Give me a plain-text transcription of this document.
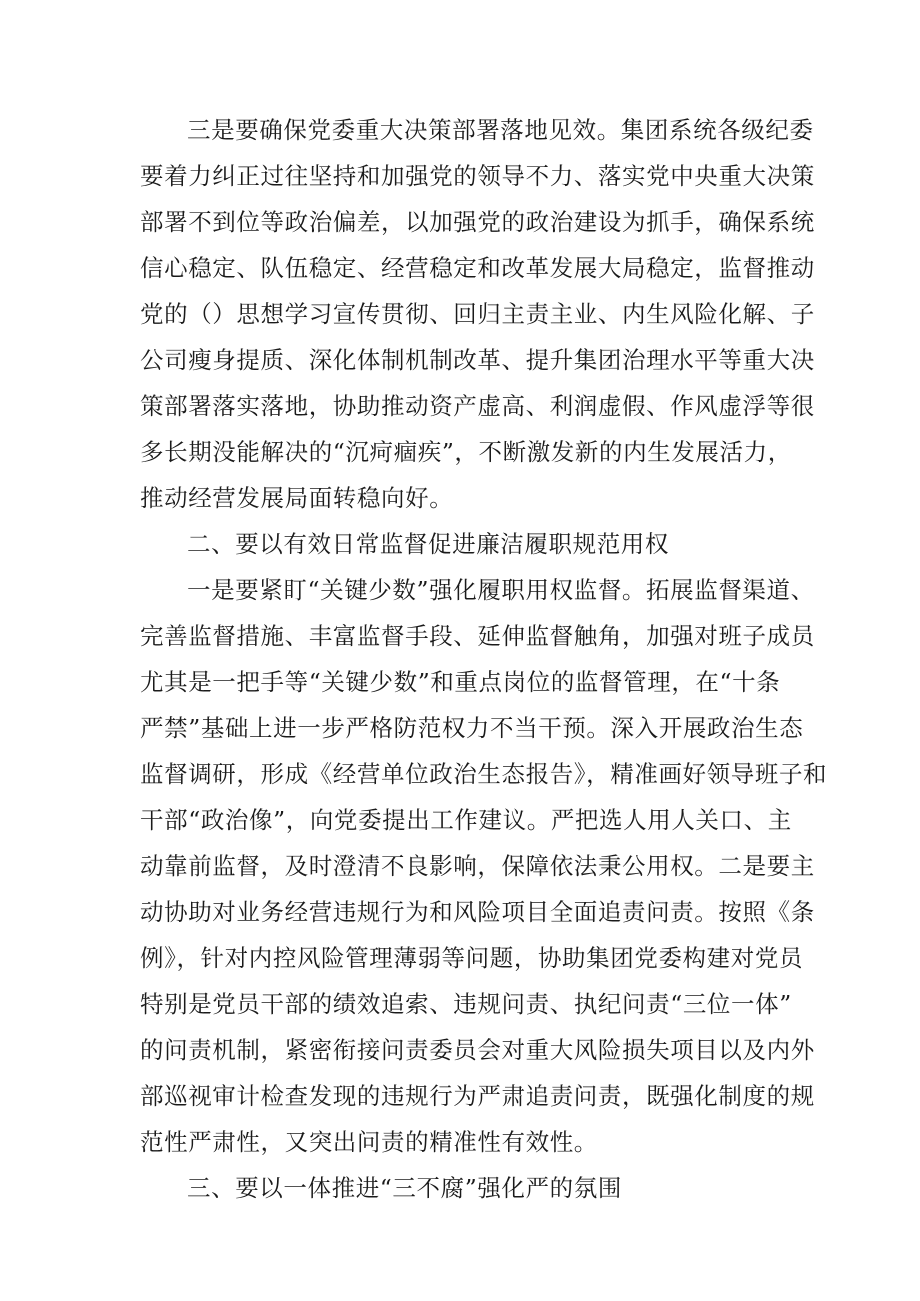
三是要确保党委重大决策部署落地见效。集团系统各级纪委
要着力纠正过往坚持和加强党的领导不力、落实党中央重大决策
部署不到位等政治偏差，以加强党的政治建设为抓手，确保系统
信心稳定、队伍稳定、经营稳定和改革发展大局稳定，监督推动
党的（）思想学习宣传贯彻、回归主责主业、内生风险化解、子
公司瘦身提质、深化体制机制改革、提升集团治理水平等重大决
策部署落实落地，协助推动资产虚高、利润虚假、作风虚浮等很
多长期没能解决的“沉疴痼疾”，不断激发新的内生发展活力，
推动经营发展局面转稳向好。
二、要以有效日常监督促进廉洁履职规范用权
一是要紧盯“关键少数”强化履职用权监督。拓展监督渠道、
完善监督措施、丰富监督手段、延伸监督触角，加强对班子成员
尤其是一把手等“关键少数”和重点岗位的监督管理，在“十条
严禁”基础上进一步严格防范权力不当干预。深入开展政治生态
监督调研，形成《经营单位政治生态报告》，精准画好领导班子和
干部“政治像”，向党委提出工作建议。严把选人用人关口、主
动靠前监督，及时澄清不良影响，保障依法秉公用权。二是要主
动协助对业务经营违规行为和风险项目全面追责问责。按照《条
例》，针对内控风险管理薄弱等问题，协助集团党委构建对党员
特别是党员干部的绩效追索、违规问责、执纪问责“三位一体”
的问责机制，紧密衔接问责委员会对重大风险损失项目以及内外
部巡视审计检查发现的违规行为严肃追责问责，既强化制度的规
范性严肃性，又突出问责的精准性有效性。
三、要以一体推进“三不腐”强化严的氛围
